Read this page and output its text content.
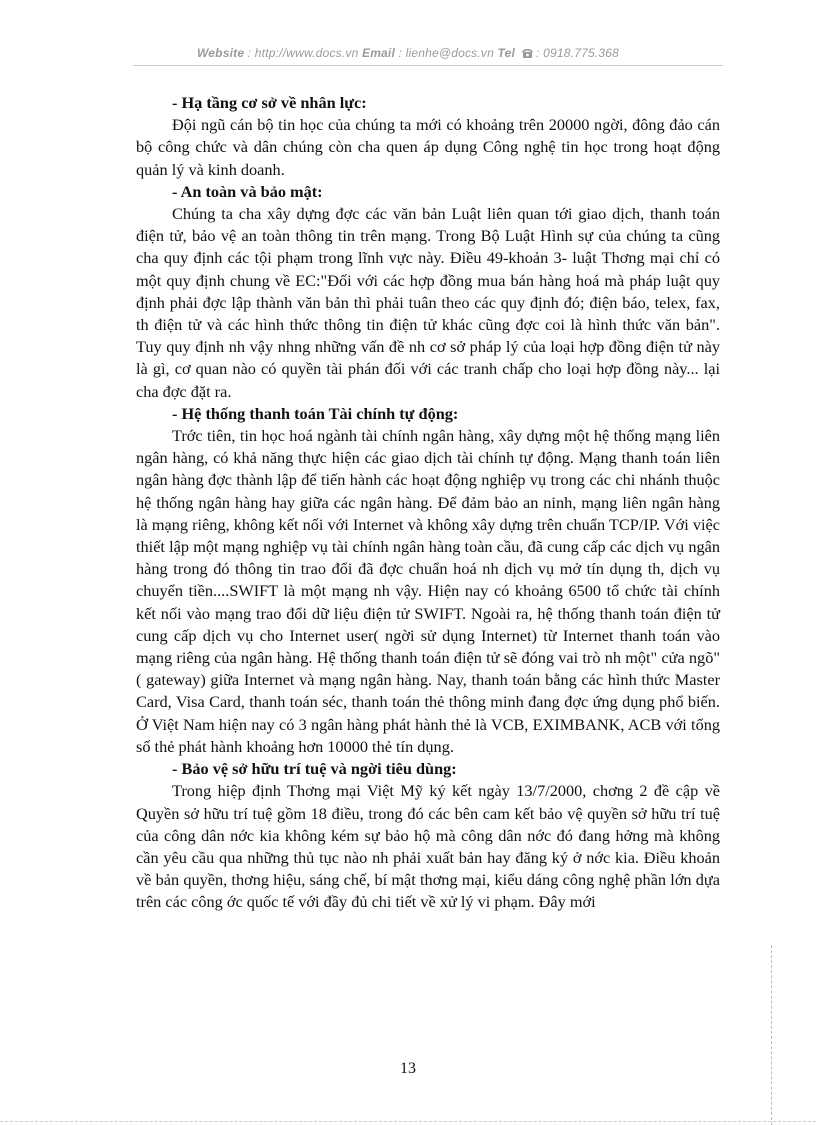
Website : http://www.docs.vn Email : lienhe@docs.vn Tel  : 0918.775.368

- Hạ tầng cơ sở về nhân lực:

Đội ngũ cán bộ tin học của chúng ta mới có khoảng trên 20000 ngời, đông đảo cán bộ công chức và dân chúng còn cha quen áp dụng Công nghệ tin học trong hoạt động quản lý và kinh doanh.

- An toàn và bảo mật:

Chúng ta cha xây dựng đợc các văn bản Luật liên quan tới giao dịch, thanh toán điện tử, bảo vệ an toàn thông tin trên mạng. Trong Bộ Luật Hình sự của chúng ta cũng cha quy định các tội phạm trong lĩnh vực này. Điều 49-khoản 3- luật Thơng mại chỉ có một quy định chung về EC:"Đối với các hợp đồng mua bán hàng hoá mà pháp luật quy định phải đợc lập thành văn bản thì phải tuân theo các quy định đó; điện báo, telex, fax, th điện tử và các hình thức thông tin điện tử khác cũng đợc coi là hình thức văn bản". Tuy quy định nh vậy nhng những vấn đề nh cơ sở pháp lý của loại hợp đồng điện tử này là gì, cơ quan nào có quyền tài phán đối với các tranh chấp cho loại hợp đồng này... lại cha đợc đặt ra.

- Hệ thống thanh toán Tài chính tự động:

Trớc tiên, tin học hoá ngành tài chính ngân hàng, xây dựng một hệ thống mạng liên ngân hàng, có khả năng thực hiện các giao dịch tài chính tự động. Mạng thanh toán liên ngân hàng đợc thành lập để tiến hành các hoạt động nghiệp vụ trong các chi nhánh thuộc hệ thống ngân hàng hay giữa các ngân hàng. Để đảm bảo an ninh, mạng liên ngân hàng là mạng riêng, không kết nối với Internet và không xây dựng trên chuẩn TCP/IP. Với việc thiết lập một mạng nghiệp vụ tài chính ngân hàng toàn cầu, đã cung cấp các dịch vụ ngân hàng trong đó thông tin trao đổi đã đợc chuẩn hoá nh dịch vụ mở tín dụng th, dịch vụ chuyển tiền....SWIFT là một mạng nh vậy. Hiện nay có khoảng 6500 tổ chức tài chính kết nối vào mạng trao đổi dữ liệu điện tử SWIFT. Ngoài ra, hệ thống thanh toán điện tử cung cấp dịch vụ cho Internet user( ngời sử dụng Internet) từ Internet thanh toán vào mạng riêng của ngân hàng. Hệ thống thanh toán điện tử sẽ đóng vai trò nh một" cửa ngõ"( gateway) giữa Internet và mạng ngân hàng. Nay, thanh toán bằng các hình thức Master Card, Visa Card, thanh toán séc, thanh toán thẻ thông minh đang đợc ứng dụng phổ biến. Ở Việt Nam hiện nay có 3 ngân hàng phát hành thẻ là VCB, EXIMBANK, ACB với tổng số thẻ phát hành khoảng hơn 10000 thẻ tín dụng.

- Bảo vệ sở hữu trí tuệ và ngời tiêu dùng:

Trong hiệp định Thơng mại Việt Mỹ ký kết ngày 13/7/2000, chơng 2 đề cập về Quyền sở hữu trí tuệ gồm 18 điều, trong đó các bên cam kết bảo vệ quyền sở hữu trí tuệ của công dân nớc kia không kém sự bảo hộ mà công dân nớc đó đang hởng mà không cần yêu cầu qua những thủ tục nào nh phải xuất bản hay đăng ký ở nớc kia. Điều khoản về bản quyền, thơng hiệu, sáng chế, bí mật thơng mại, kiểu dáng công nghệ phần lớn dựa trên các công ớc quốc tế với đầy đủ chi tiết về xử lý vi phạm. Đây mới

13
